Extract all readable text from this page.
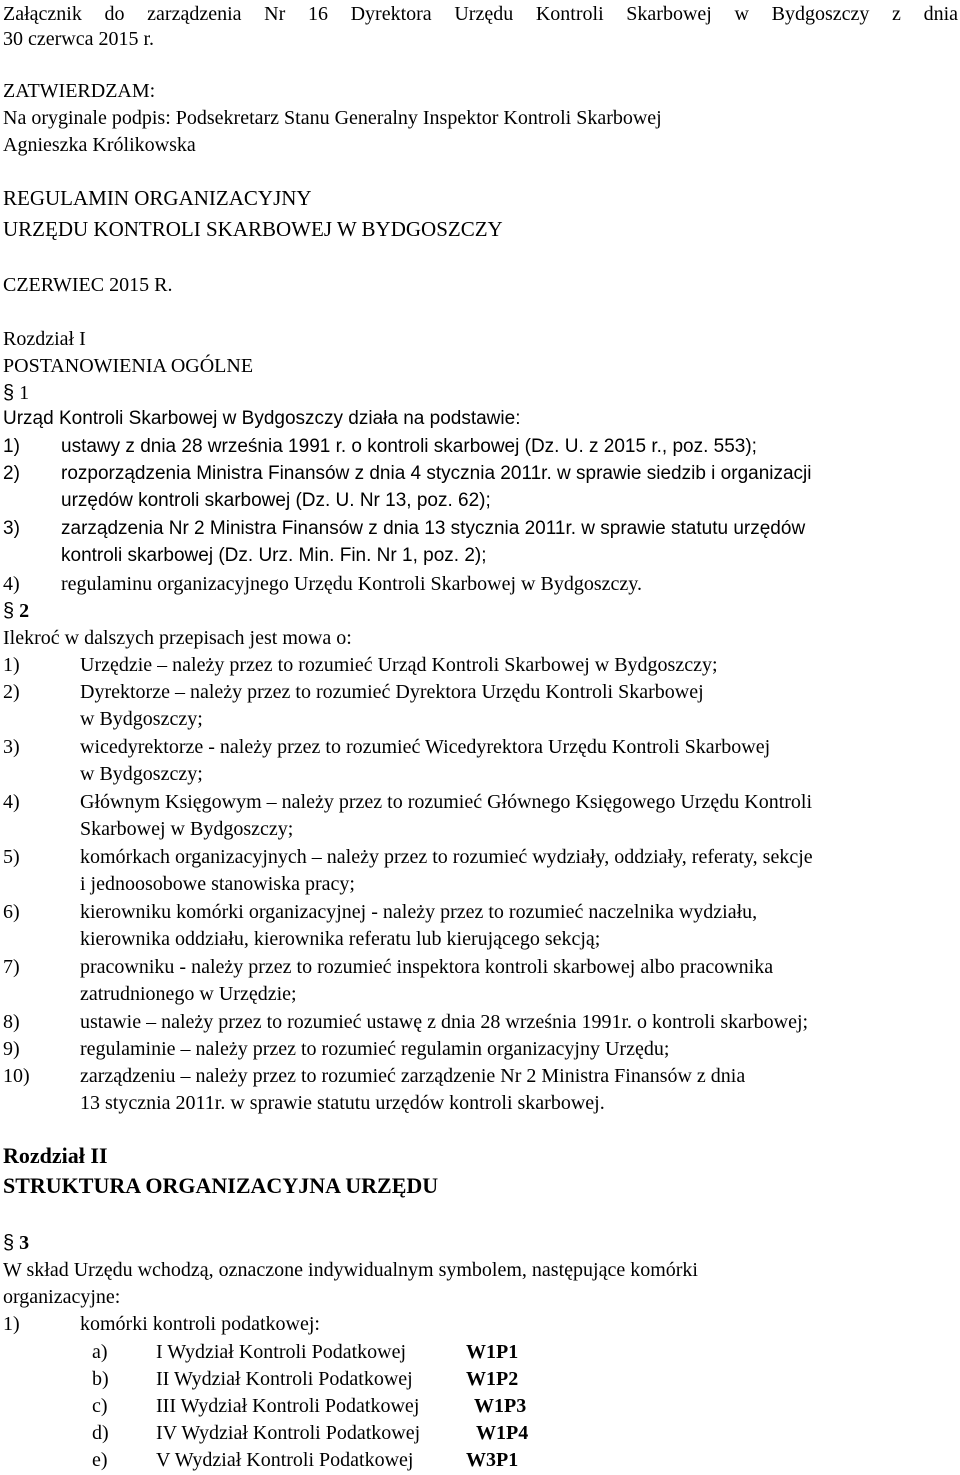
Załącznik do zarządzenia Nr 16 Dyrektora Urzędu Kontroli Skarbowej w Bydgoszczy z dnia
30 czerwca 2015 r.
ZATWIERDZAM:
Na oryginale podpis: Podsekretarz Stanu Generalny Inspektor Kontroli Skarbowej
Agnieszka Królikowska
REGULAMIN ORGANIZACYJNY
URZĘDU KONTROLI SKARBOWEJ W BYDGOSZCZY
CZERWIEC 2015 R.
Rozdział I
POSTANOWIENIA OGÓLNE
§ 1
Urząd Kontroli Skarbowej w Bydgoszczy działa na podstawie:
1) ustawy z dnia 28 września 1991 r. o kontroli skarbowej (Dz. U. z 2015 r., poz. 553);
2) rozporządzenia Ministra Finansów z dnia 4 stycznia 2011r. w sprawie siedzib i organizacji
urzędów kontroli skarbowej (Dz. U. Nr 13, poz. 62);
3) zarządzenia Nr 2 Ministra Finansów z dnia 13 stycznia 2011r. w sprawie statutu urzędów
kontroli skarbowej (Dz. Urz. Min. Fin. Nr 1, poz. 2);
4) regulaminu organizacyjnego Urzędu Kontroli Skarbowej w Bydgoszczy.
§ 2
Ilekroć w dalszych przepisach jest mowa o:
1)	Urzędzie – należy przez to rozumieć Urząd Kontroli Skarbowej w Bydgoszczy;
2)	Dyrektorze – należy przez to rozumieć Dyrektora Urzędu Kontroli Skarbowej
w Bydgoszczy;
3)	wicedyrektorze - należy przez to rozumieć Wicedyrektora Urzędu Kontroli Skarbowej
w Bydgoszczy;
4)	Głównym Księgowym – należy przez to rozumieć Głównego Księgowego Urzędu Kontroli
Skarbowej w Bydgoszczy;
5)	komórkach organizacyjnych – należy przez to rozumieć wydziały, oddziały, referaty, sekcje
i jednoosobowe stanowiska pracy;
6)	kierowniku komórki organizacyjnej - należy przez to rozumieć naczelnika wydziału,
kierownika oddziału, kierownika referatu lub kierującego sekcją;
7)	pracowniku - należy przez to rozumieć inspektora kontroli skarbowej albo pracownika
zatrudnionego w Urzędzie;
8)	ustawie – należy przez to rozumieć ustawę z dnia 28 września 1991r. o kontroli skarbowej;
9)	regulaminie – należy przez to rozumieć regulamin organizacyjny Urzędu;
10)	zarządzeniu – należy przez to rozumieć zarządzenie Nr 2 Ministra Finansów z dnia
13 stycznia 2011r. w sprawie statutu urzędów kontroli skarbowej.
Rozdział II
STRUKTURA ORGANIZACYJNA URZĘDU
§ 3
W skład Urzędu wchodzą, oznaczone indywidualnym symbolem, następujące komórki
organizacyjne:
1)	komórki kontroli podatkowej:
a) I Wydział Kontroli Podatkowej	W1P1
b) II Wydział Kontroli Podatkowej	W1P2
c) III Wydział Kontroli Podatkowej	W1P3
d) IV Wydział Kontroli Podatkowej	W1P4
e) V Wydział Kontroli Podatkowej	W3P1
